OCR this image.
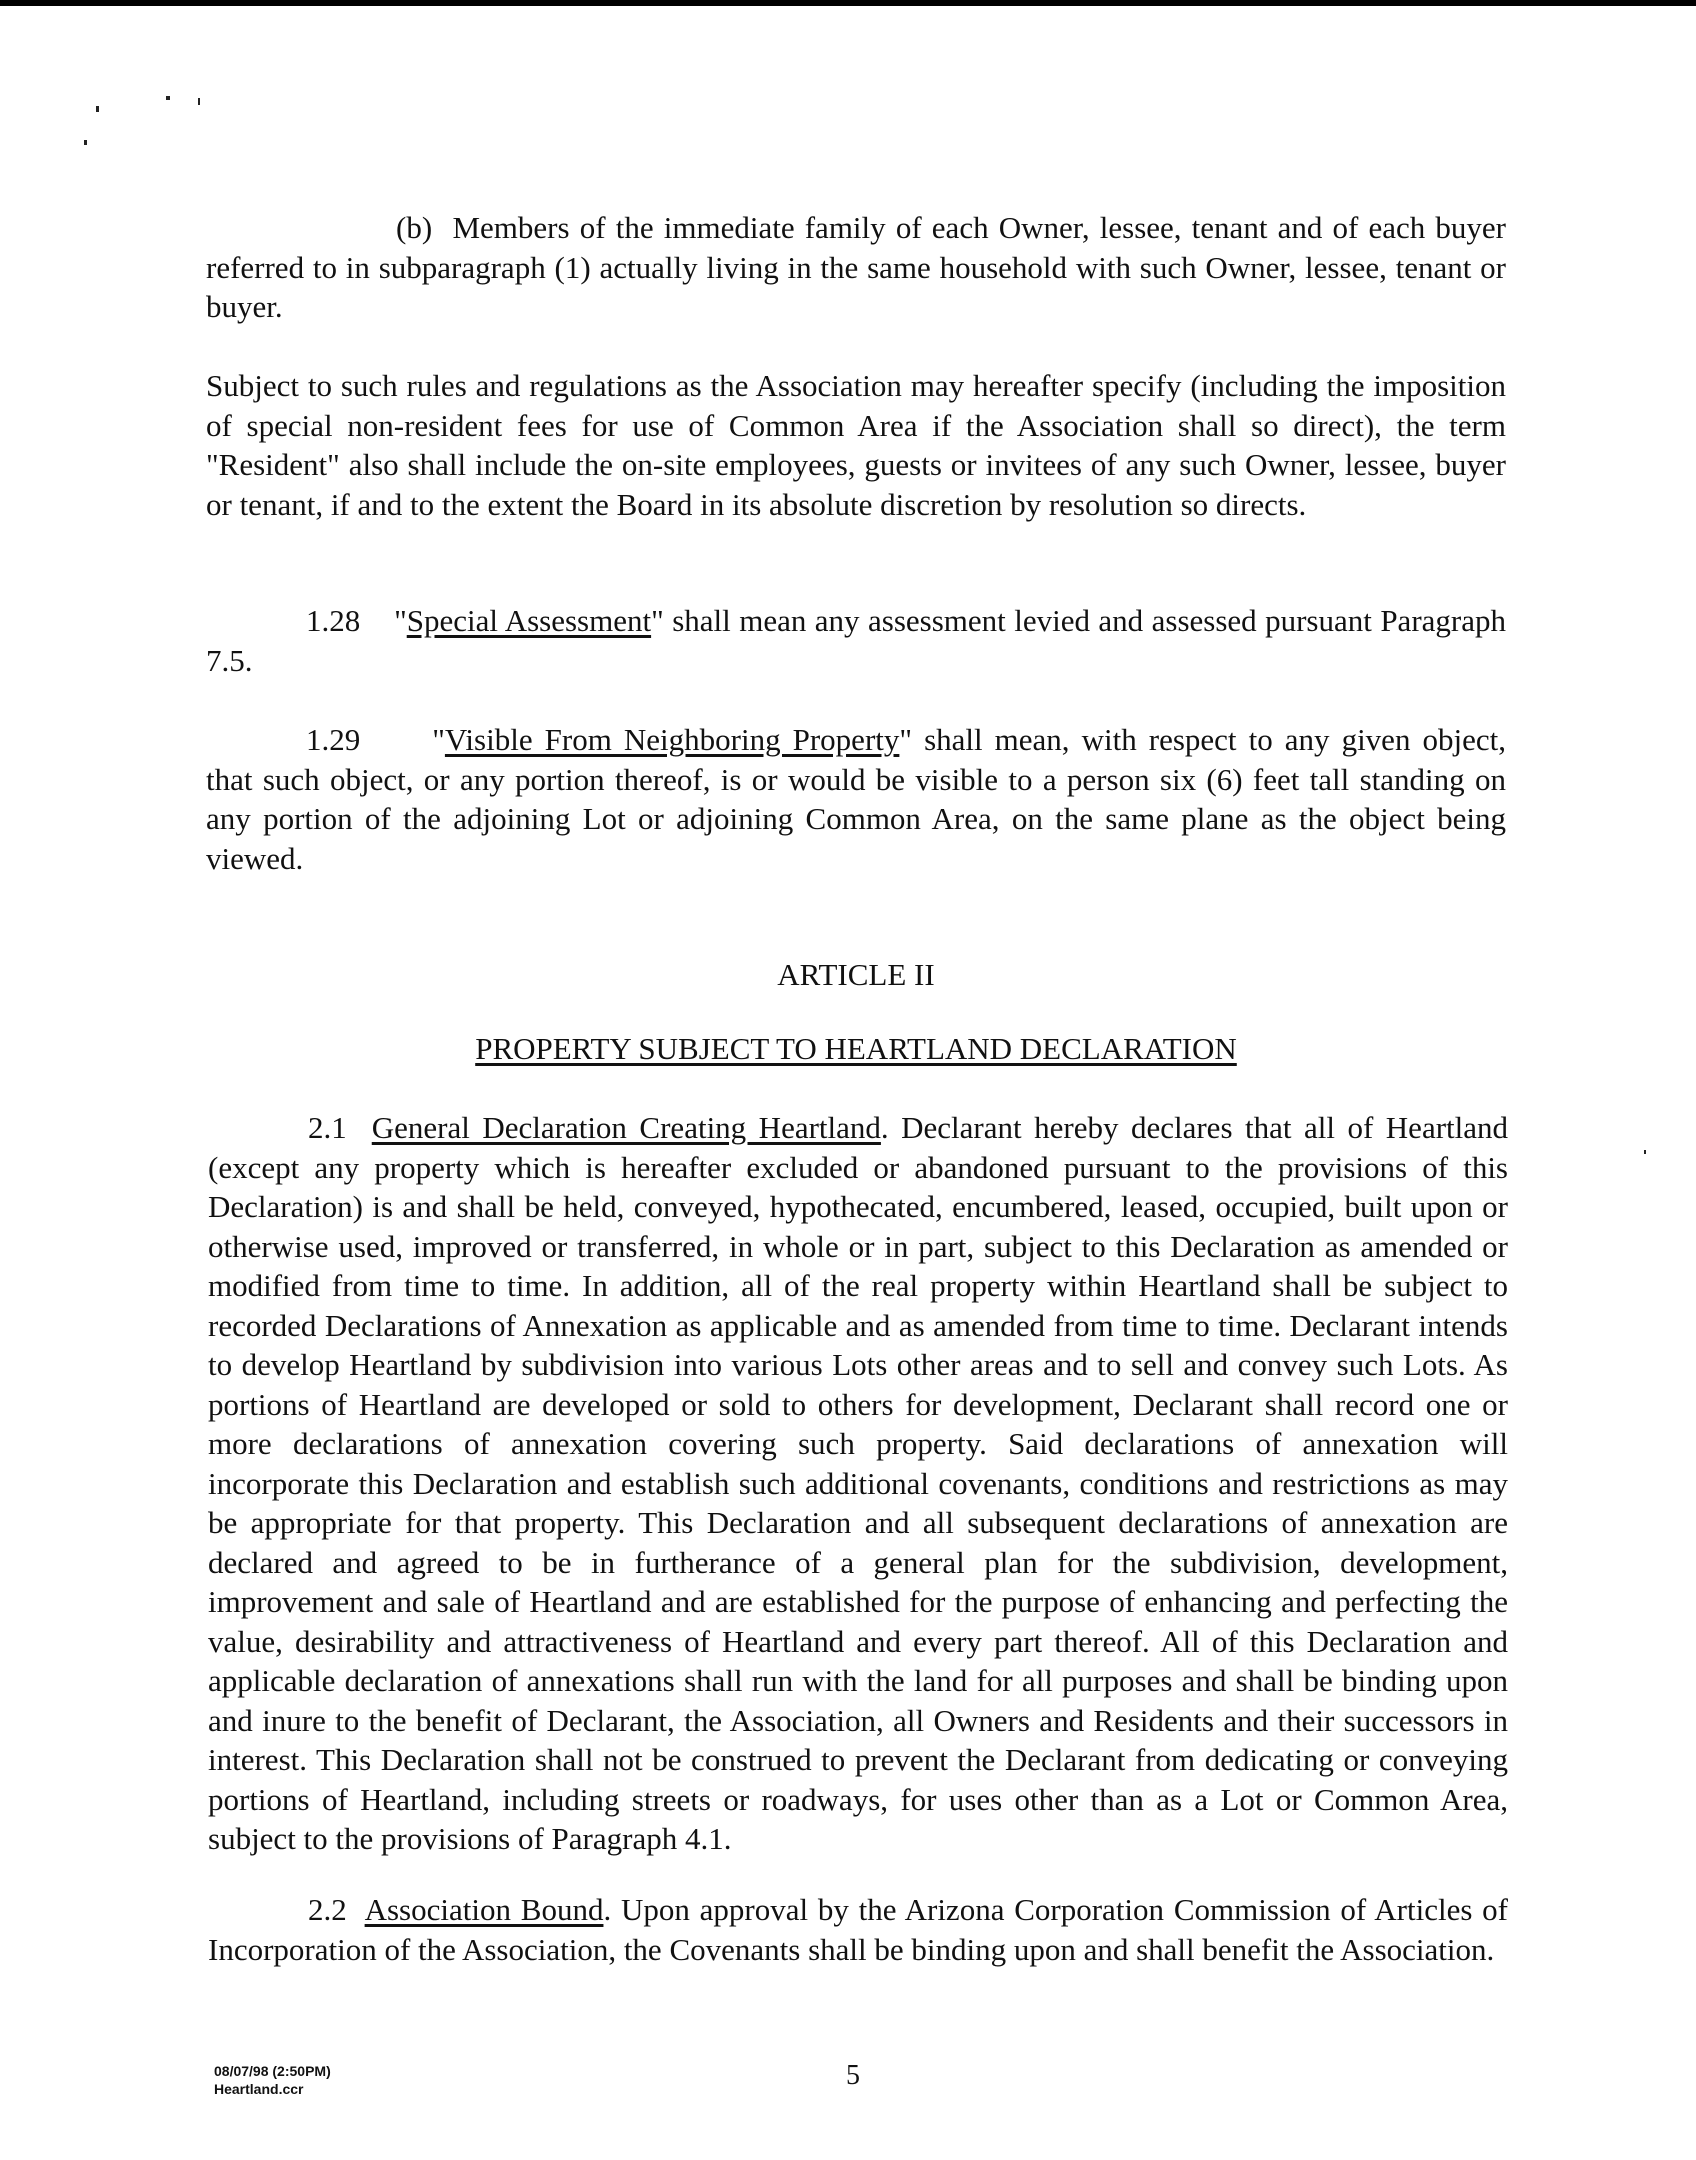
(b) Members of the immediate family of each Owner, lessee, tenant and of each buyer referred to in subparagraph (1) actually living in the same household with such Owner, lessee, tenant or buyer.

Subject to such rules and regulations as the Association may hereafter specify (including the imposition of special non-resident fees for use of Common Area if the Association shall so direct), the term "Resident" also shall include the on-site employees, guests or invitees of any such Owner, lessee, buyer or tenant, if and to the extent the Board in its absolute discretion by resolution so directs.

1.28 "Special Assessment" shall mean any assessment levied and assessed pursuant Paragraph 7.5.

1.29 "Visible From Neighboring Property" shall mean, with respect to any given object, that such object, or any portion thereof, is or would be visible to a person six (6) feet tall standing on any portion of the adjoining Lot or adjoining Common Area, on the same plane as the object being viewed.

ARTICLE II

PROPERTY SUBJECT TO HEARTLAND DECLARATION

2.1 General Declaration Creating Heartland. Declarant hereby declares that all of Heartland (except any property which is hereafter excluded or abandoned pursuant to the provisions of this Declaration) is and shall be held, conveyed, hypothecated, encumbered, leased, occupied, built upon or otherwise used, improved or transferred, in whole or in part, subject to this Declaration as amended or modified from time to time. In addition, all of the real property within Heartland shall be subject to recorded Declarations of Annexation as applicable and as amended from time to time. Declarant intends to develop Heartland by subdivision into various Lots other areas and to sell and convey such Lots. As portions of Heartland are developed or sold to others for development, Declarant shall record one or more declarations of annexation covering such property. Said declarations of annexation will incorporate this Declaration and establish such additional covenants, conditions and restrictions as may be appropriate for that property. This Declaration and all subsequent declarations of annexation are declared and agreed to be in furtherance of a general plan for the subdivision, development, improvement and sale of Heartland and are established for the purpose of enhancing and perfecting the value, desirability and attractiveness of Heartland and every part thereof. All of this Declaration and applicable declaration of annexations shall run with the land for all purposes and shall be binding upon and inure to the benefit of Declarant, the Association, all Owners and Residents and their successors in interest. This Declaration shall not be construed to prevent the Declarant from dedicating or conveying portions of Heartland, including streets or roadways, for uses other than as a Lot or Common Area, subject to the provisions of Paragraph 4.1.

2.2 Association Bound. Upon approval by the Arizona Corporation Commission of Articles of Incorporation of the Association, the Covenants shall be binding upon and shall benefit the Association.

08/07/98 (2:50PM)
Heartland.ccr	5
